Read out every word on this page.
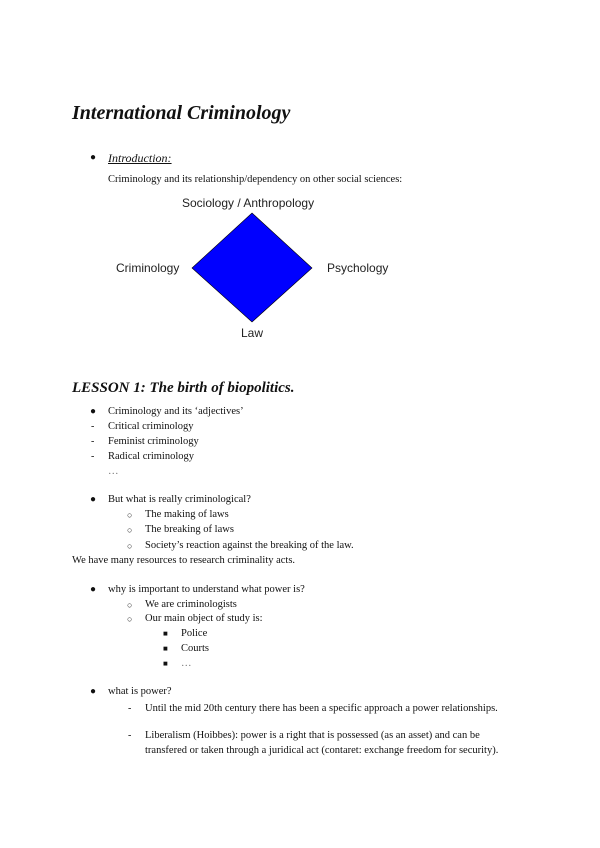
International Criminology
● Introduction:
Criminology and its relationship/dependency on other social sciences:
Sociology / Anthropology
Criminology	Psychology
Law
LESSON 1: The birth of biopolitics.
● Criminology and its ‘adjectives’
- Critical criminology
- Feminist criminology
- Radical criminology
…
● But what is really criminological?
○ The making of laws
○ The breaking of laws
○ Society’s reaction against the breaking of the law.
We have many resources to research criminality acts.
● why is important to understand what power is?
○ We are criminologists
○ Our main object of study is:
■ Police
■ Courts
■ …
● what is power?
- Until the mid 20th century there has been a specific approach a power relationships.
- Liberalism (Hoibbes): power is a right that is possessed (as an asset) and can be
transfered or taken through a juridical act (contaret: exchange freedom for security).
